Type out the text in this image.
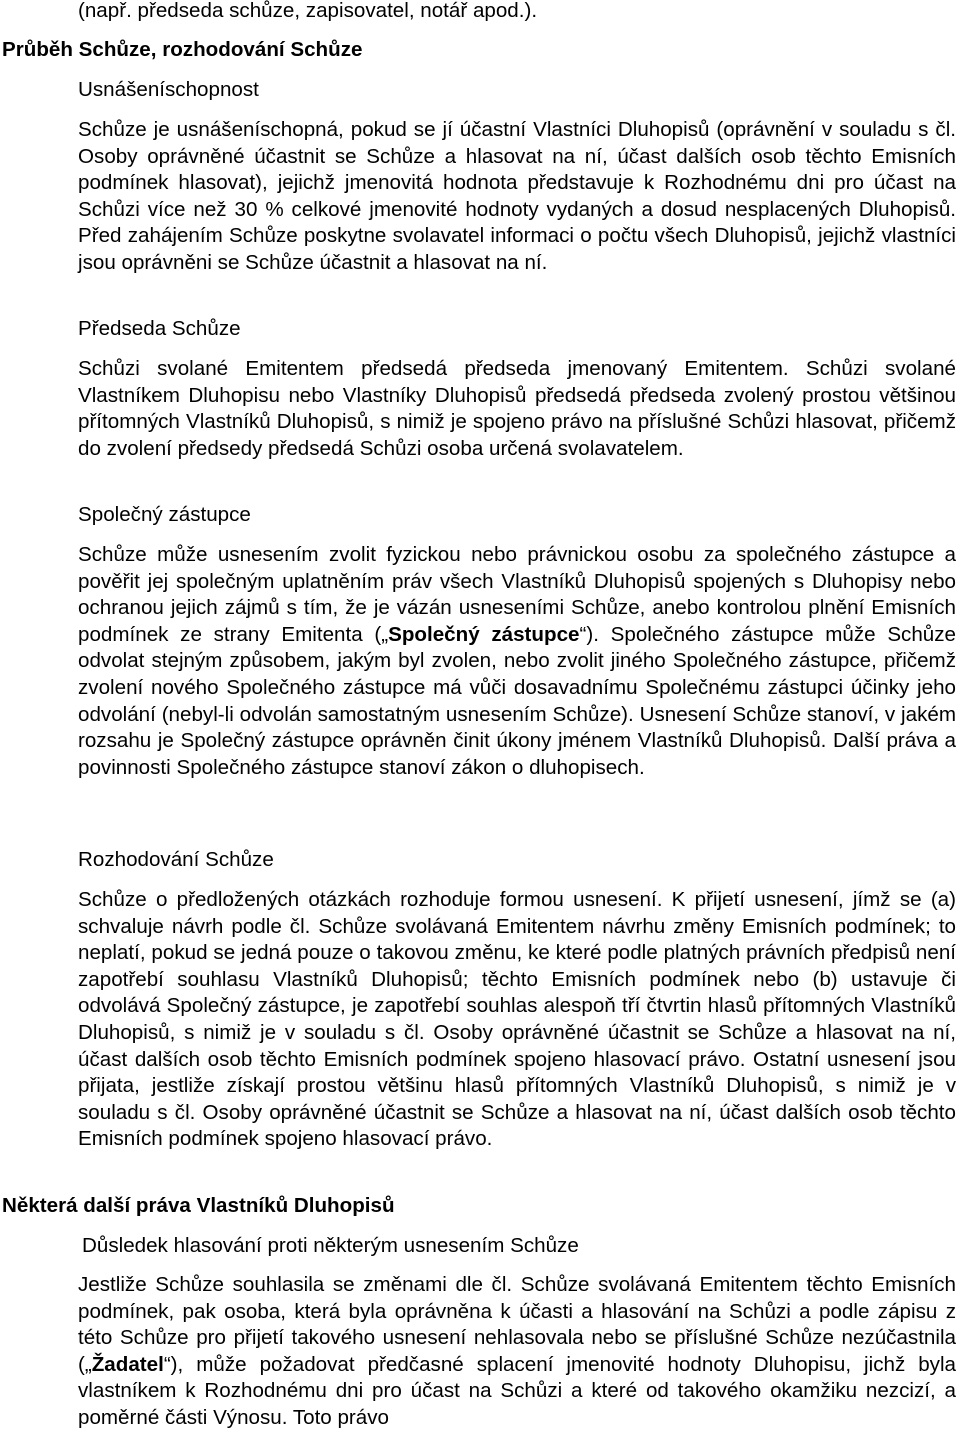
(např. předseda schůze, zapisovatel, notář apod.).
Průběh Schůze, rozhodování Schůze
Usnášeníschopnost
Schůze je usnášeníschopná, pokud se jí účastní Vlastníci Dluhopisů (oprávnění v souladu s čl. Osoby oprávněné účastnit se Schůze a hlasovat na ní, účast dalších osob těchto Emisních podmínek hlasovat), jejichž jmenovitá hodnota představuje k Rozhodnému dni pro účast na Schůzi více než 30 % celkové jmenovité hodnoty vydaných a dosud nesplacených Dluhopisů. Před zahájením Schůze poskytne svolavatel informaci o počtu všech Dluhopisů, jejichž vlastníci jsou oprávněni se Schůze účastnit a hlasovat na ní.
Předseda Schůze
Schůzi svolané Emitentem předsedá předseda jmenovaný Emitentem. Schůzi svolané Vlastníkem Dluhopisu nebo Vlastníky Dluhopisů předsedá předseda zvolený prostou většinou přítomných Vlastníků Dluhopisů, s nimiž je spojeno právo na příslušné Schůzi hlasovat, přičemž do zvolení předsedy předsedá Schůzi osoba určená svolavatelem.
Společný zástupce
Schůze může usnesením zvolit fyzickou nebo právnickou osobu za společného zástupce a pověřit jej společným uplatněním práv všech Vlastníků Dluhopisů spojených s Dluhopisy nebo ochranou jejich zájmů s tím, že je vázán usneseními Schůze, anebo kontrolou plnění Emisních podmínek ze strany Emitenta („Společný zástupce“). Společného zástupce může Schůze odvolat stejným způsobem, jakým byl zvolen, nebo zvolit jiného Společného zástupce, přičemž zvolení nového Společného zástupce má vůči dosavadnímu Společnému zástupci účinky jeho odvolání (nebyl-li odvolán samostatným usnesením Schůze). Usnesení Schůze stanoví, v jakém rozsahu je Společný zástupce oprávněn činit úkony jménem Vlastníků Dluhopisů. Další práva a povinnosti Společného zástupce stanoví zákon o dluhopisech.
Rozhodování Schůze
Schůze o předložených otázkách rozhoduje formou usnesení. K přijetí usnesení, jímž se (a) schvaluje návrh podle čl. Schůze svolávaná Emitentem návrhu změny Emisních podmínek; to neplatí, pokud se jedná pouze o takovou změnu, ke které podle platných právních předpisů není zapotřebí souhlasu Vlastníků Dluhopisů; těchto Emisních podmínek nebo (b) ustavuje či odvolává Společný zástupce, je zapotřebí souhlas alespoň tří čtvrtin hlasů přítomných Vlastníků Dluhopisů, s nimiž je v souladu s čl. Osoby oprávněné účastnit se Schůze a hlasovat na ní, účast dalších osob těchto Emisních podmínek spojeno hlasovací právo. Ostatní usnesení jsou přijata, jestliže získají prostou většinu hlasů přítomných Vlastníků Dluhopisů, s nimiž je v souladu s čl. Osoby oprávněné účastnit se Schůze a hlasovat na ní, účast dalších osob těchto Emisních podmínek spojeno hlasovací právo.
Některá další práva Vlastníků Dluhopisů
Důsledek hlasování proti některým usnesením Schůze
Jestliže Schůze souhlasila se změnami dle čl. Schůze svolávaná Emitentem těchto Emisních podmínek, pak osoba, která byla oprávněna k účasti a hlasování na Schůzi a podle zápisu z této Schůze pro přijetí takového usnesení nehlasovala nebo se příslušné Schůze nezúčastnila („Žadatel“), může požadovat předčasné splacení jmenovité hodnoty Dluhopisu, jichž byla vlastníkem k Rozhodnému dni pro účast na Schůzi a které od takového okamžiku nezcizí, a poměrné části Výnosu. Toto právo
